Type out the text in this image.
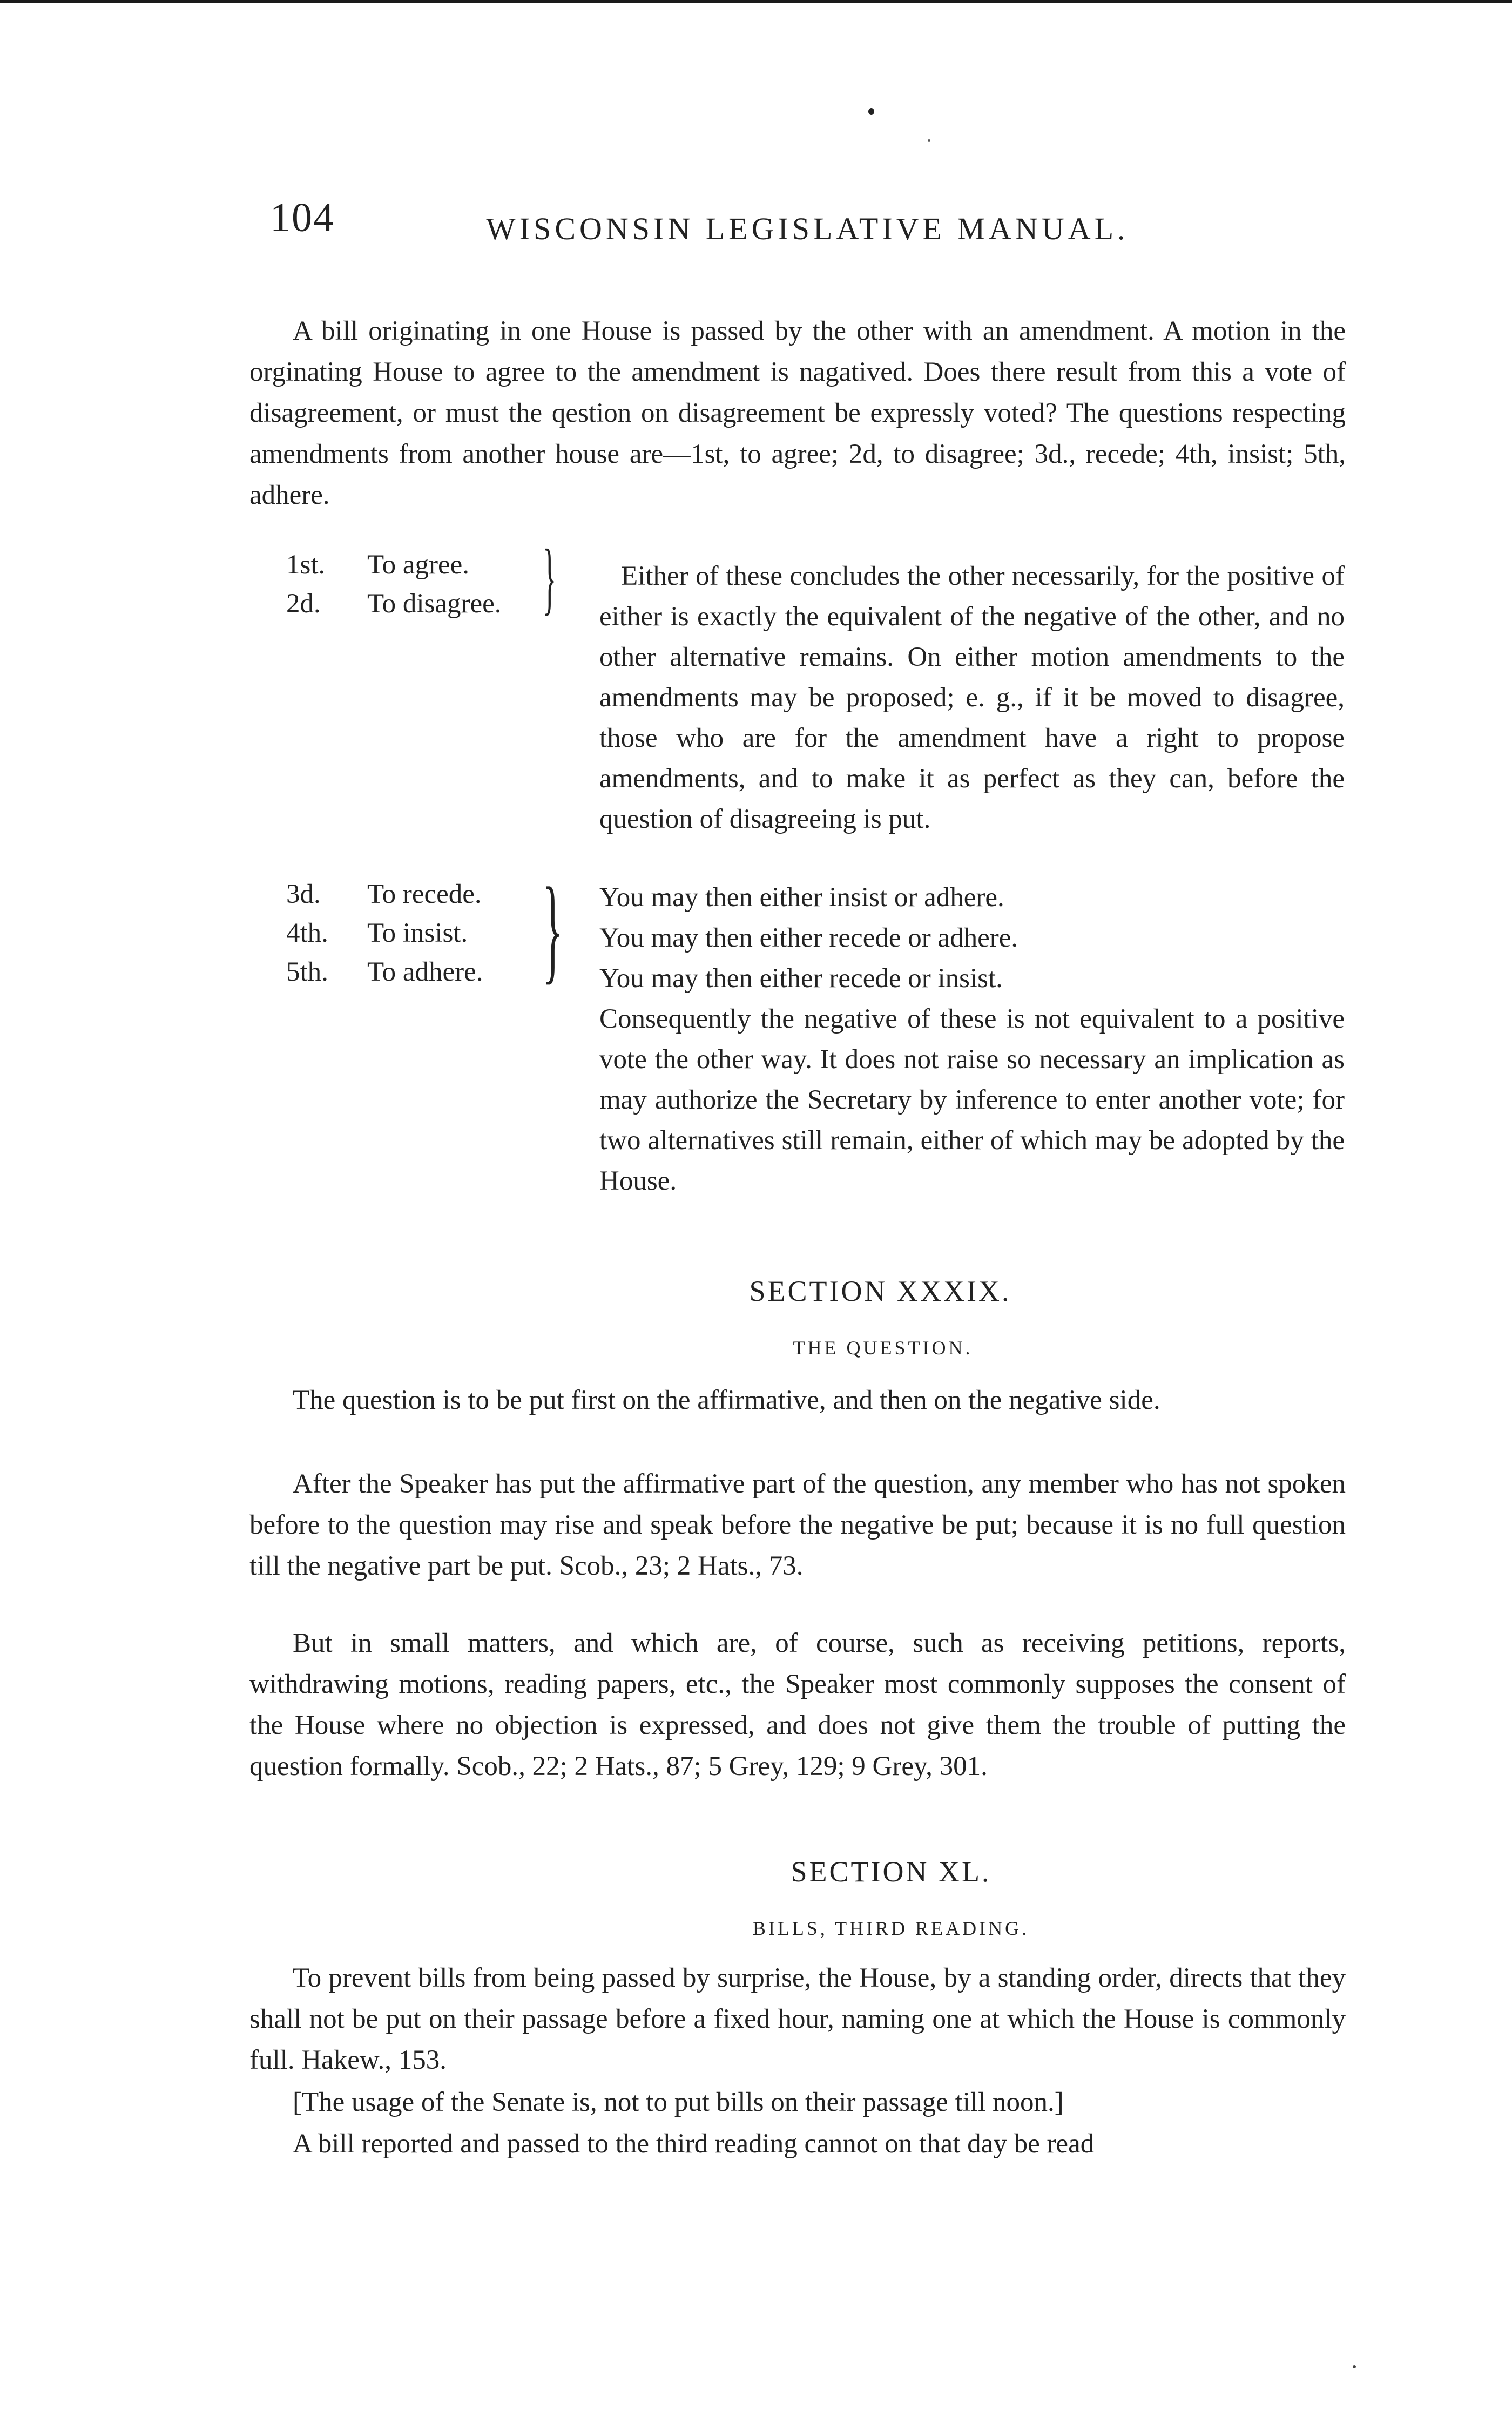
104	WISCONSIN LEGISLATIVE MANUAL.

A bill originating in one House is passed by the other with an amendment. A motion in the orginating House to agree to the amendment is nagatived. Does there result from this a vote of disagreement, or must the qestion on disagreement be expressly voted? The questions respecting amendments from another house are—1st, to agree; 2d, to disagree; 3d., recede; 4th, insist; 5th, adhere.

1st. To agree.
2d. To disagree. }	Either of these concludes the other necessarily, for the positive of either is exactly the equivalent of the negative of the other, and no other alternative remains. On either motion amendments to the amendments may be proposed; e. g., if it be moved to disagree, those who are for the amendment have a right to propose amendments, and to make it as perfect as they can, before the question of disagreeing is put.

3d. To recede.
4th. To insist.
5th. To adhere. } You may then either insist or adhere.
You may then either recede or adhere.
You may then either recede or insist.
Consequently the negative of these is not equivalent to a positive vote the other way. It does not raise so necessary an implication as may authorize the Secretary by inference to enter another vote; for two alternatives still remain, either of which may be adopted by the House.
SECTION XXXIX.
THE QUESTION.

The question is to be put first on the affirmative, and then on the negative side.

After the Speaker has put the affirmative part of the question, any member who has not spoken before to the question may rise and speak before the negative be put; because it is no full question till the negative part be put. Scob., 23; 2 Hats., 73.

But in small matters, and which are, of course, such as receiving petitions, reports, withdrawing motions, reading papers, etc., the Speaker most commonly supposes the consent of the House where no objection is expressed, and does not give them the trouble of putting the question formally. Scob., 22; 2 Hats., 87; 5 Grey, 129; 9 Grey, 301.

SECTION XL.
BILLS, THIRD READING.

To prevent bills from being passed by surprise, the House, by a standing order, directs that they shall not be put on their passage before a fixed hour, naming one at which the House is commonly full. Hakew., 153.

[The usage of the Senate is, not to put bills on their passage till noon.]

A bill reported and passed to the third reading cannot on that day be read
